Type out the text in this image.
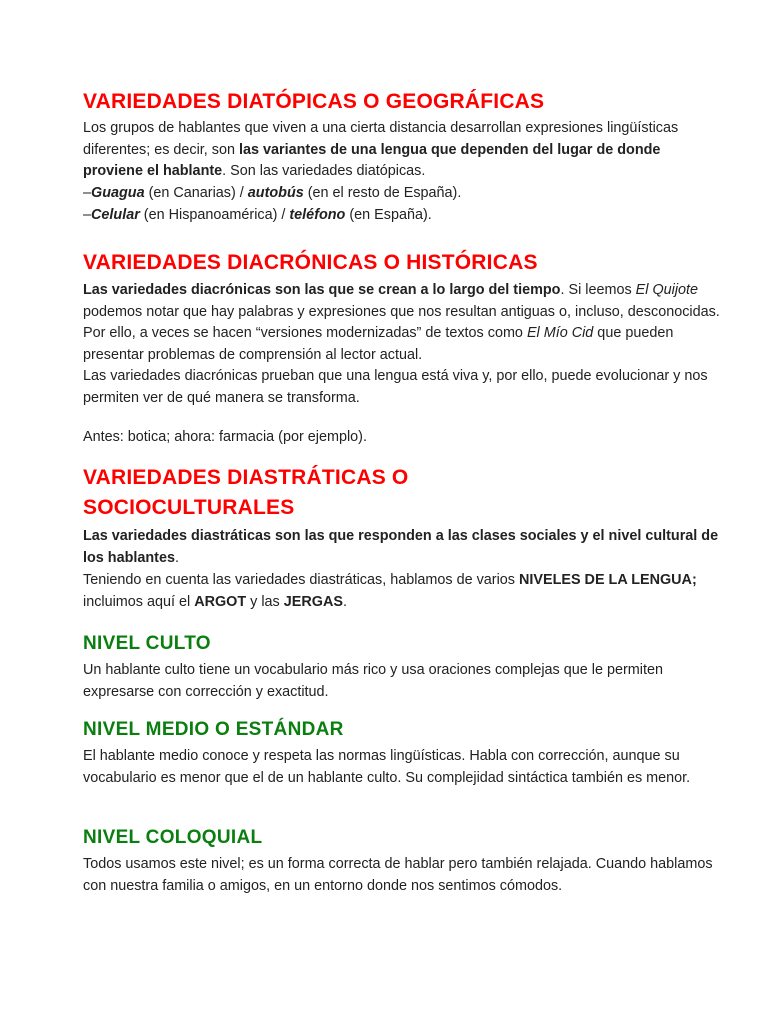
VARIEDADES DIATÓPICAS O GEOGRÁFICAS

Los grupos de hablantes que viven a una cierta distancia desarrollan expresiones lingüísticas diferentes; es decir, son las variantes de una lengua que dependen del lugar de donde proviene el hablante. Son las variedades diatópicas.

–Guagua (en Canarias) / autobús (en el resto de España).

–Celular (en Hispanoamérica) / teléfono (en España).

VARIEDADES DIACRÓNICAS O HISTÓRICAS

Las variedades diacrónicas son las que se crean a lo largo del tiempo. Si leemos El Quijote podemos notar que hay palabras y expresiones que nos resultan antiguas o, incluso, desconocidas. Por ello, a veces se hacen “versiones modernizadas” de textos como El Mío Cid que pueden presentar problemas de comprensión al lector actual.
Las variedades diacrónicas prueban que una lengua está viva y, por ello, puede evolucionar y nos permiten ver de qué manera se transforma.

Antes: botica; ahora: farmacia (por ejemplo).

VARIEDADES DIASTRÁTICAS O
SOCIOCULTURALES

Las variedades diastráticas son las que responden a las clases sociales y el nivel cultural de los hablantes.

Teniendo en cuenta las variedades diastráticas, hablamos de varios NIVELES DE LA LENGUA; incluimos aquí el ARGOT y las JERGAS.

NIVEL CULTO

Un hablante culto tiene un vocabulario más rico y usa oraciones complejas que le permiten expresarse con corrección y exactitud.

NIVEL MEDIO O ESTÁNDAR

El hablante medio conoce y respeta las normas lingüísticas. Habla con corrección, aunque su vocabulario es menor que el de un hablante culto. Su complejidad sintáctica también es menor.

NIVEL COLOQUIAL

Todos usamos este nivel; es un forma correcta de hablar pero también relajada. Cuando hablamos con nuestra familia o amigos, en un entorno donde nos sentimos cómodos.
